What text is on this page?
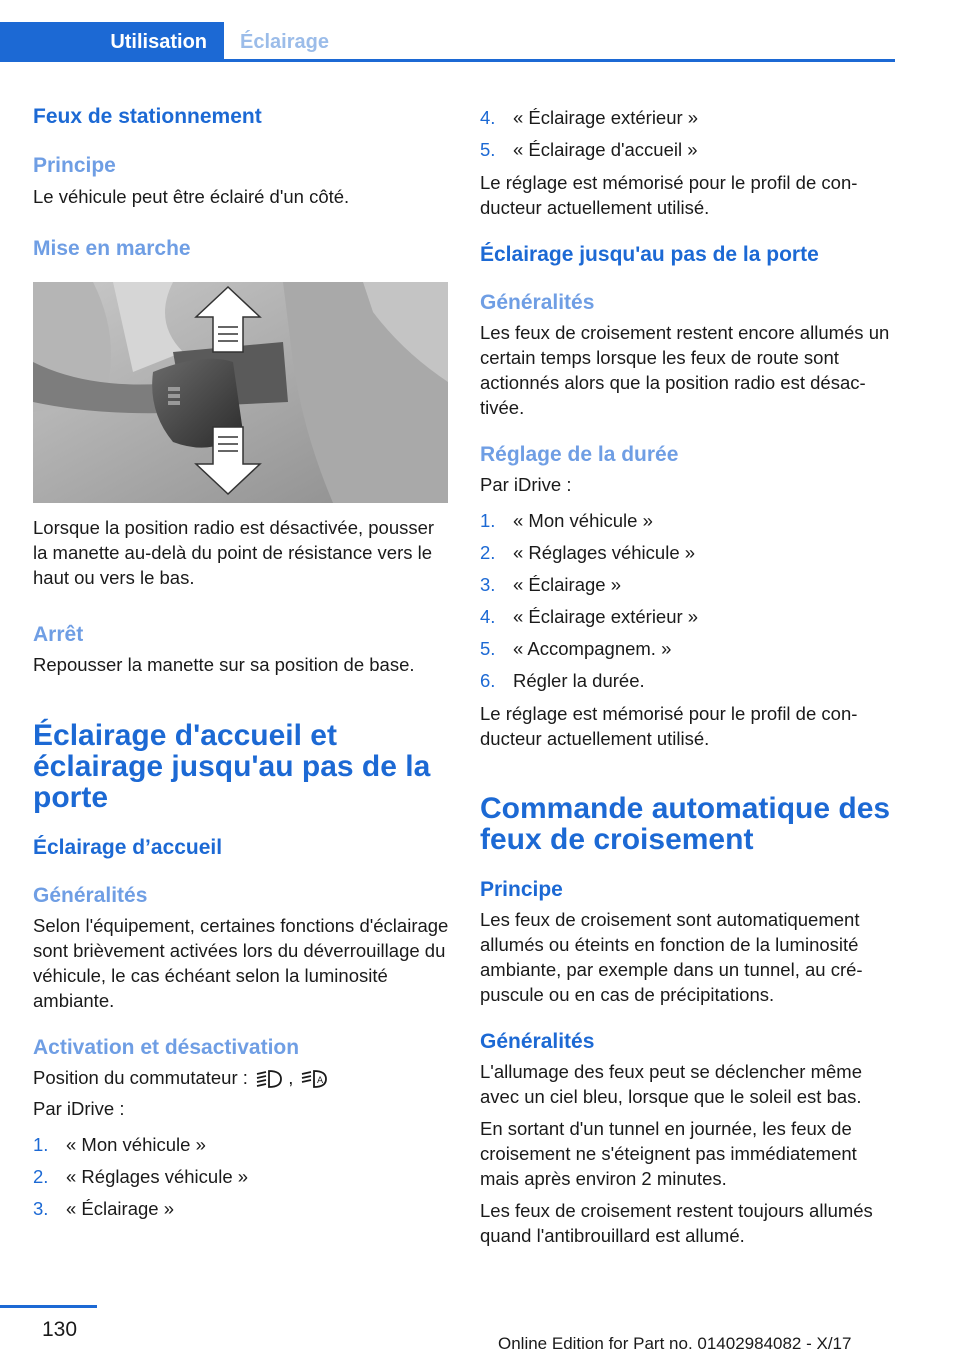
Utilisation	Éclairage
Feux de stationnement
Principe

Le véhicule peut être éclairé d'un côté.

Mise en marche

Lorsque la position radio est désactivée, pousser la manette au-delà du point de résistance vers le haut ou vers le bas.

Arrêt

Repousser la manette sur sa position de base.

Éclairage d'accueil et éclairage jusqu'au pas de la porte
Éclairage d’accueil
Généralités

Selon l'équipement, certaines fonctions d'éclairage sont brièvement activées lors du déverrouillage du véhicule, le cas échéant selon la luminosité ambiante.

Activation et désactivation

Position du commutateur : ,	A

Par iDrive :

1. « Mon véhicule »
2. « Réglages véhicule »
3. « Éclairage »
4. « Éclairage extérieur »
5. « Éclairage d'accueil »

Le réglage est mémorisé pour le profil de conducteur actuellement utilisé.

Éclairage jusqu'au pas de la porte
Généralités

Les feux de croisement restent encore allumés un certain temps lorsque les feux de route sont actionnés alors que la position radio est désactivée.

Réglage de la durée

Par iDrive :

1. « Mon véhicule »
2. « Réglages véhicule »
3. « Éclairage »
4. « Éclairage extérieur »
5. « Accompagnem. »
6. Régler la durée.

Le réglage est mémorisé pour le profil de conducteur actuellement utilisé.

Commande automatique des feux de croisement
Principe

Les feux de croisement sont automatiquement allumés ou éteints en fonction de la luminosité ambiante, par exemple dans un tunnel, au crépuscule ou en cas de précipitations.

Généralités

L'allumage des feux peut se déclencher même avec un ciel bleu, lorsque que le soleil est bas.

En sortant d'un tunnel en journée, les feux de croisement ne s'éteignent pas immédiatement mais après environ 2 minutes.

Les feux de croisement restent toujours allumés quand l'antibrouillard est allumé.

130
Online Edition for Part no. 01402984082 - X/17
